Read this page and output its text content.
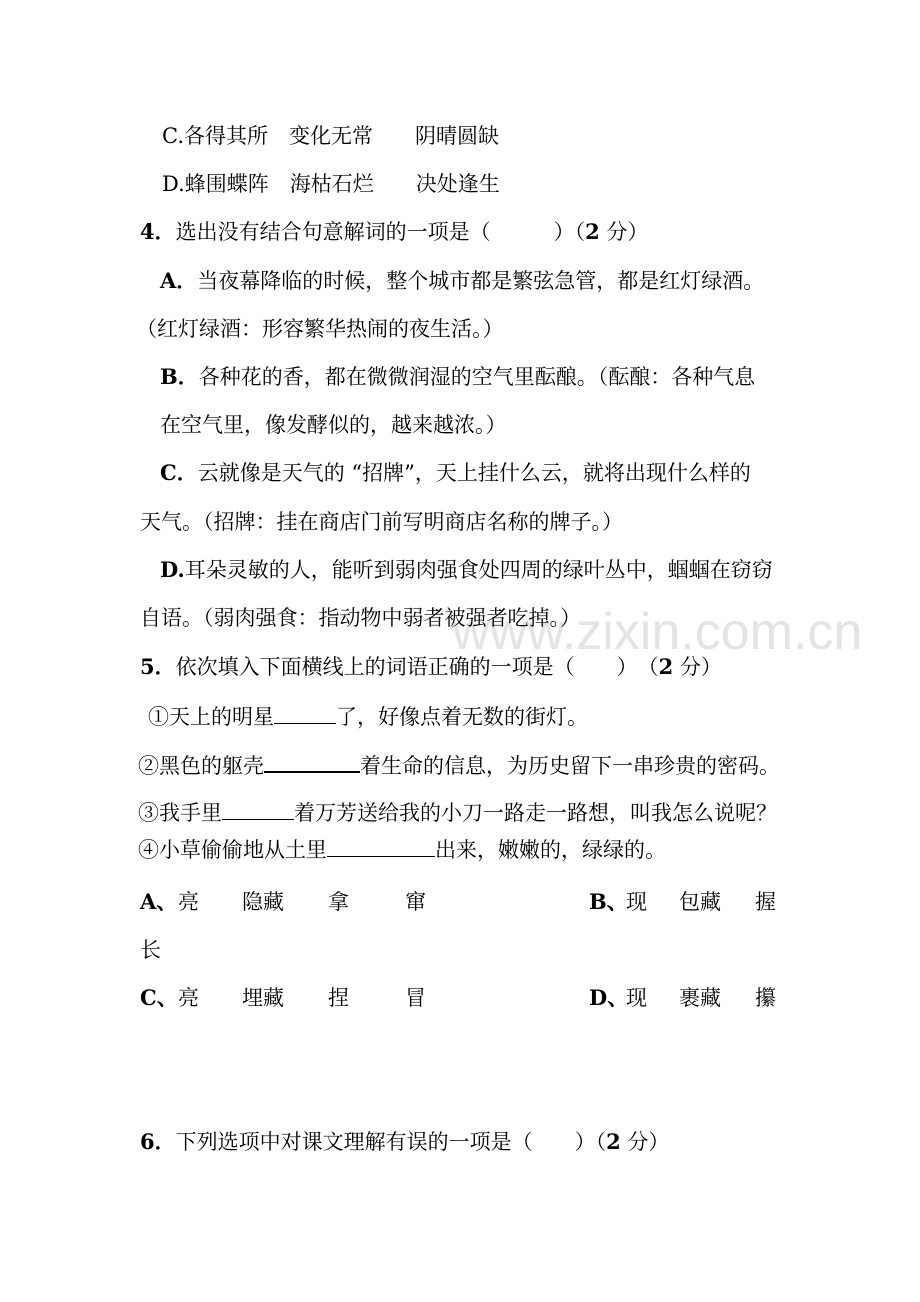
www.zixin.com.cn
C.各得其所　变化无常　　阴晴圆缺
D.蜂围蝶阵　海枯石烂　　决处逢生
4．选出没有结合句意解词的一项是（　　　）（2 分）
A．当夜幕降临的时候，整个城市都是繁弦急管，都是红灯绿酒。
（红灯绿酒：形容繁华热闹的夜生活。）
B．各种花的香，都在微微润湿的空气里酝酿。（酝酿：各种气息
在空气里，像发酵似的，越来越浓。）
C．云就像是天气的 “招牌”，天上挂什么云，就将出现什么样的
天气。（招牌：挂在商店门前写明商店名称的牌子。）
D.耳朵灵敏的人，能听到弱肉强食处四周的绿叶丛中，蝈蝈在窃窃
自语。（弱肉强食：指动物中弱者被强者吃掉。）
5．依次填入下面横线上的词语正确的一项是（　　）　（2 分）
①天上的明星	了，好像点着无数的街灯。
②黑色的躯壳	着生命的信息，为历史留下一串珍贵的密码。
③我手里	着万芳送给我的小刀一路走一路想，叫我怎么说呢？
④小草偷偷地从土里	出来，嫩嫩的，绿绿的。
A、 亮 隐藏 拿	窜	B、
现 包藏 握
长
C、 亮 埋藏 捏	冒	D、
现 裹藏 攥
6．下列选项中对课文理解有误的一项是（　　）（2 分）
